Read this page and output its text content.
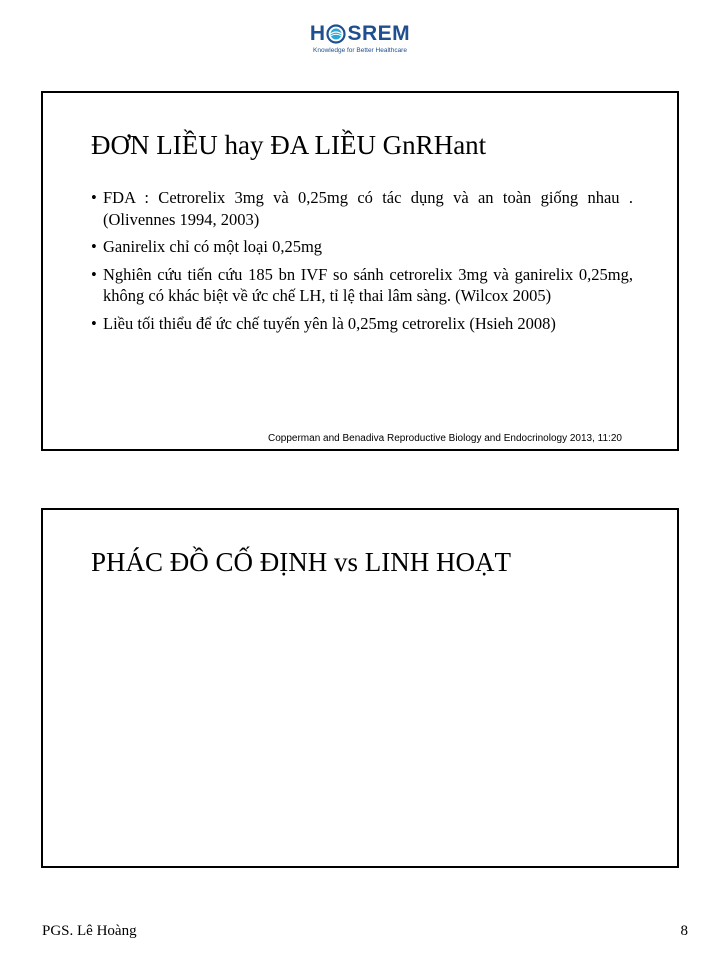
H SREM
Knowledge for Better Healthcare
ĐƠN LIỀU hay ĐA LIỀU GnRHant
• FDA : Cetrorelix 3mg và 0,25mg có tác dụng và an toàn giống nhau . (Olivennes 1994, 2003)
• Ganirelix chỉ có một loại 0,25mg
• Nghiên cứu tiến cứu 185 bn IVF so sánh cetrorelix 3mg và ganirelix 0,25mg, không có khác biệt về ức chế LH, tỉ lệ thai lâm sàng. (Wilcox 2005)
• Liều tối thiểu để ức chế tuyến yên là 0,25mg cetrorelix (Hsieh 2008)
Copperman and Benadiva Reproductive Biology and Endocrinology 2013, 11:20
PHÁC ĐỒ CỐ ĐỊNH vs LINH HOẠT
PGS. Lê Hoàng	8
